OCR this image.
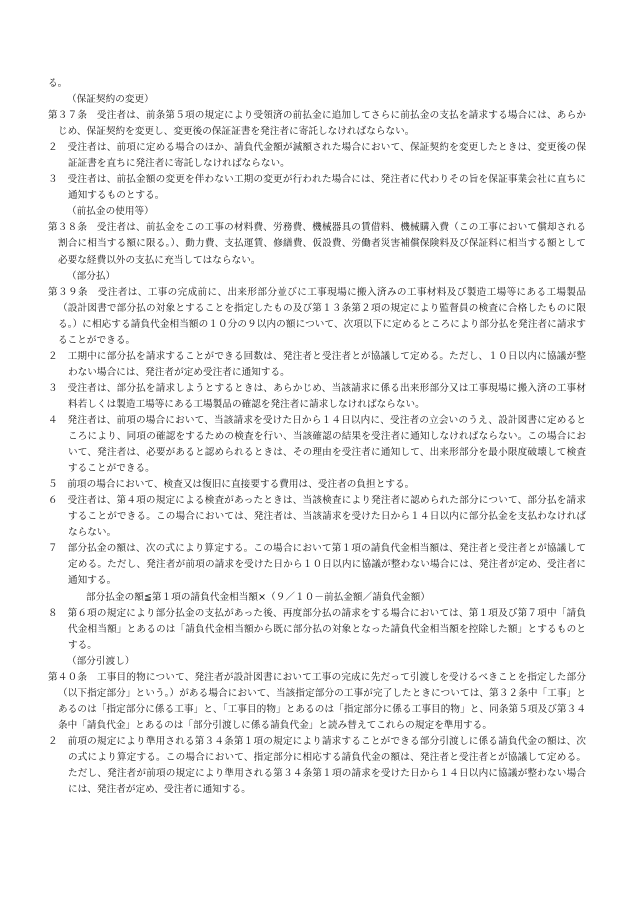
る。

（保証契約の変更）

第３７条　受注者は、前条第５項の規定により受領済の前払金に追加してさらに前払金の支払を請求する場合には、あらかじめ、保証契約を変更し、変更後の保証証書を発注者に寄託しなければならない。

２　受注者は、前項に定める場合のほか、請負代金額が減額された場合において、保証契約を変更したときは、変更後の保証証書を直ちに発注者に寄託しなければならない。

３　受注者は、前払金額の変更を伴わない工期の変更が行われた場合には、発注者に代わりその旨を保証事業会社に直ちに通知するものとする。

（前払金の使用等）

第３８条　受注者は、前払金をこの工事の材料費、労務費、機械器具の賃借料、機械購入費（この工事において償却される割合に相当する額に限る。）、動力費、支払運賃、修繕費、仮設費、労働者災害補償保険料及び保証料に相当する額として必要な経費以外の支払に充当してはならない。

（部分払）

第３９条　受注者は、工事の完成前に、出来形部分並びに工事現場に搬入済みの工事材料及び製造工場等にある工場製品（設計図書で部分払の対象とすることを指定したもの及び第１３条第２項の規定により監督員の検査に合格したものに限る。）に相応する請負代金相当額の１０分の９以内の額について、次項以下に定めるところにより部分払を発注者に請求することができる。

２　工期中に部分払を請求することができる回数は、発注者と受注者とが協議して定める。ただし、１０日以内に協議が整わない場合には、発注者が定め受注者に通知する。

３　受注者は、部分払を請求しようとするときは、あらかじめ、当該請求に係る出来形部分又は工事現場に搬入済の工事材料若しくは製造工場等にある工場製品の確認を発注者に請求しなければならない。

４　発注者は、前項の場合において、当該請求を受けた日から１４日以内に、受注者の立会いのうえ、設計図書に定めるところにより、同項の確認をするための検査を行い、当該確認の結果を受注者に通知しなければならない。この場合において、発注者は、必要があると認められるときは、その理由を受注者に通知して、出来形部分を最小限度破壊して検査することができる。

５　前項の場合において、検査又は復旧に直接要する費用は、受注者の負担とする。

６　受注者は、第４項の規定による検査があったときは、当該検査により発注者に認められた部分について、部分払を請求することができる。この場合においては、発注者は、当該請求を受けた日から１４日以内に部分払金を支払わなければならない。

７　部分払金の額は、次の式により算定する。この場合において第１項の請負代金相当額は、発注者と受注者とが協議して定める。ただし、発注者が前項の請求を受けた日から１０日以内に協議が整わない場合には、発注者が定め、受注者に通知する。

部分払金の額≦第１項の請負代金相当額×（９／１０－前払金額／請負代金額）

８　第６項の規定により部分払金の支払があった後、再度部分払の請求をする場合においては、第１項及び第７項中「請負代金相当額」とあるのは「請負代金相当額から既に部分払の対象となった請負代金相当額を控除した額」とするものとする。

（部分引渡し）

第４０条　工事目的物について、発注者が設計図書において工事の完成に先だって引渡しを受けるべきことを指定した部分（以下指定部分」という。）がある場合において、当該指定部分の工事が完了したときについては、第３２条中「工事」とあるのは「指定部分に係る工事」と、「工事目的物」とあるのは「指定部分に係る工事目的物」と、同条第５項及び第３４条中「請負代金」とあるのは「部分引渡しに係る請負代金」と読み替えてこれらの規定を準用する。

２　前項の規定により準用される第３４条第１項の規定により請求することができる部分引渡しに係る請負代金の額は、次の式により算定する。この場合において、指定部分に相応する請負代金の額は、発注者と受注者とが協議して定める。ただし、発注者が前項の規定により準用される第３４条第１項の請求を受けた日から１４日以内に協議が整わない場合には、発注者が定め、受注者に通知する。
